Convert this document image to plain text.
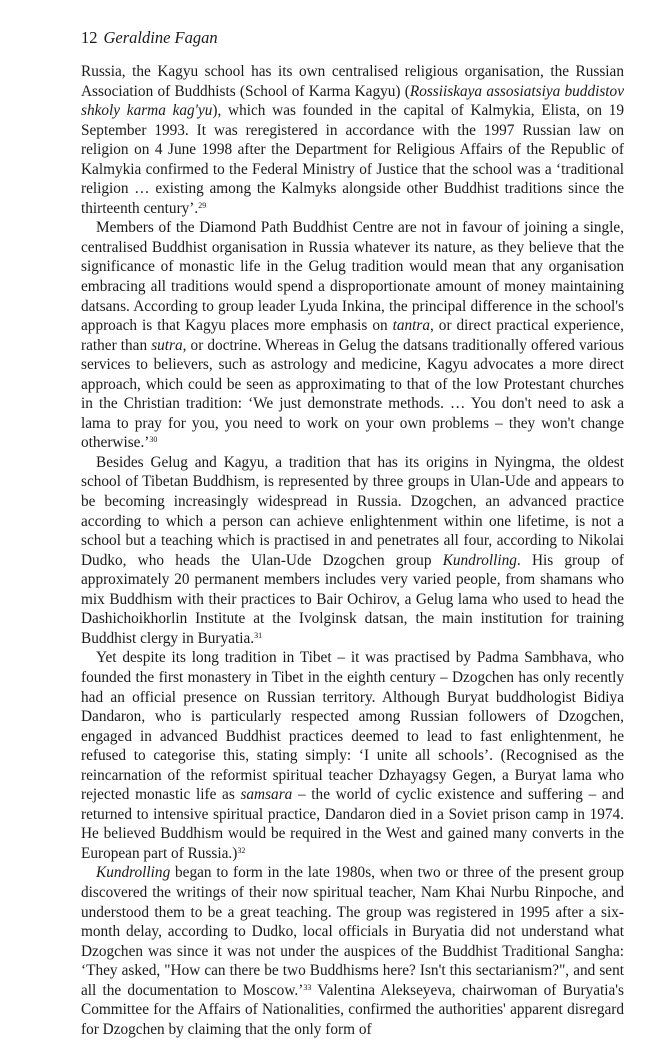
12 Geraldine Fagan

Russia, the Kagyu school has its own centralised religious organisation, the Russian Association of Buddhists (School of Karma Kagyu) (Rossiiskaya assosiatsiya buddistov shkoly karma kag'yu), which was founded in the capital of Kalmykia, Elista, on 19 September 1993. It was reregistered in accordance with the 1997 Russian law on religion on 4 June 1998 after the Department for Religious Affairs of the Republic of Kalmykia confirmed to the Federal Ministry of Justice that the school was a ‘traditional religion … existing among the Kalmyks alongside other Buddhist traditions since the thirteenth century’.$^{29}$

Members of the Diamond Path Buddhist Centre are not in favour of joining a single, centralised Buddhist organisation in Russia whatever its nature, as they believe that the significance of monastic life in the Gelug tradition would mean that any organisation embracing all traditions would spend a disproportionate amount of money maintaining datsans. According to group leader Lyuda Inkina, the principal difference in the school's approach is that Kagyu places more emphasis on tantra, or direct practical experience, rather than sutra, or doctrine. Whereas in Gelug the datsans traditionally offered various services to believers, such as astrology and medicine, Kagyu advocates a more direct approach, which could be seen as approximating to that of the low Protestant churches in the Christian tradition: ‘We just demonstrate methods. … You don't need to ask a lama to pray for you, you need to work on your own problems – they won't change otherwise.’$^{30}$

Besides Gelug and Kagyu, a tradition that has its origins in Nyingma, the oldest school of Tibetan Buddhism, is represented by three groups in Ulan-Ude and appears to be becoming increasingly widespread in Russia. Dzogchen, an advanced practice according to which a person can achieve enlightenment within one lifetime, is not a school but a teaching which is practised in and penetrates all four, according to Nikolai Dudko, who heads the Ulan-Ude Dzogchen group Kundrolling. His group of approximately 20 permanent members includes very varied people, from shamans who mix Buddhism with their practices to Bair Ochirov, a Gelug lama who used to head the Dashichoikhorlin Institute at the Ivolginsk datsan, the main institution for training Buddhist clergy in Buryatia.$^{31}$

Yet despite its long tradition in Tibet – it was practised by Padma Sambhava, who founded the first monastery in Tibet in the eighth century – Dzogchen has only recently had an official presence on Russian territory. Although Buryat buddhologist Bidiya Dandaron, who is particularly respected among Russian followers of Dzogchen, engaged in advanced Buddhist practices deemed to lead to fast enlightenment, he refused to categorise this, stating simply: ‘I unite all schools’. (Recognised as the reincarnation of the reformist spiritual teacher Dzhayagsy Gegen, a Buryat lama who rejected monastic life as samsara – the world of cyclic existence and suffering – and returned to intensive spiritual practice, Dandaron died in a Soviet prison camp in 1974. He believed Buddhism would be required in the West and gained many converts in the European part of Russia.)$^{32}$

Kundrolling began to form in the late 1980s, when two or three of the present group discovered the writings of their now spiritual teacher, Nam Khai Nurbu Rinpoche, and understood them to be a great teaching. The group was registered in 1995 after a six-month delay, according to Dudko, local officials in Buryatia did not understand what Dzogchen was since it was not under the auspices of the Buddhist Traditional Sangha: ‘They asked, "How can there be two Buddhisms here? Isn't this sectarianism?", and sent all the documentation to Moscow.’$^{33}$ Valentina Alekseyeva, chairwoman of Buryatia's Committee for the Affairs of Nationalities, confirmed the authorities' apparent disregard for Dzogchen by claiming that the only form of
